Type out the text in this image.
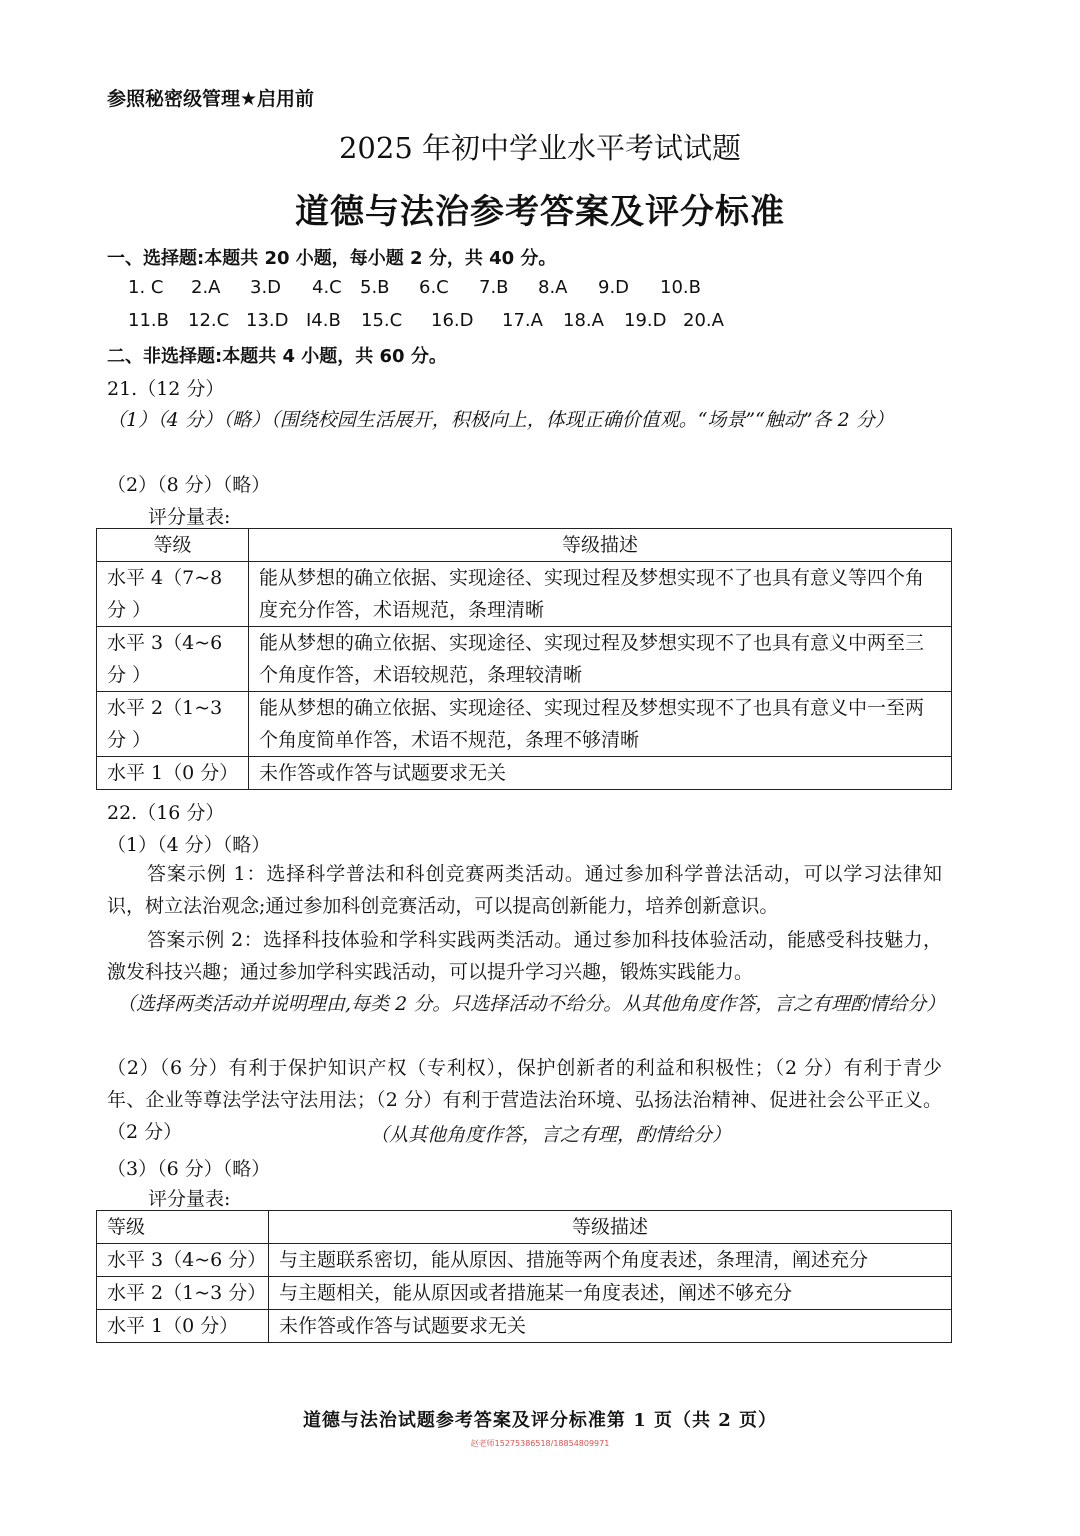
参照秘密级管理★启用前
2025 年初中学业水平考试试题
道德与法治参考答案及评分标准
一、选择题:本题共 20 小题，每小题 2 分，共 40 分。
1. C 2.A 3.D 4.C 5.B 6.C 7.B 8.A 9.D 10.B
11.B 12.C 13.D I4.B 15.C 16.D 17.A 18.A 19.D 20.A
二、非选择题:本题共 4 小题，共 60 分。
21.（12 分）
（1）（4 分）（略）（围绕校园生活展开，积极向上，体现正确价值观。“场景”“触动”各 2 分）
（2）（8 分）（略）
评分量表:
等级	等级描述
水平 4（7~8 分 ）	能从梦想的确立依据、实现途径、实现过程及梦想实现不了也具有意义等四个角度充分作答，术语规范，条理清晰
水平 3（4~6 分 ）	能从梦想的确立依据、实现途径、实现过程及梦想实现不了也具有意义中两至三个角度作答，术语较规范，条理较清晰
水平 2（1~3 分 ）	能从梦想的确立依据、实现途径、实现过程及梦想实现不了也具有意义中一至两个角度简单作答，术语不规范，条理不够清晰
水平 1（0 分）	未作答或作答与试题要求无关
22.（16 分）
（1）（4 分）（略）
答案示例 1：选择科学普法和科创竞赛两类活动。通过参加科学普法活动，可以学习法律知识，树立法治观念;通过参加科创竞赛活动，可以提高创新能力，培养创新意识。
答案示例 2：选择科技体验和学科实践两类活动。通过参加科技体验活动，能感受科技魅力，激发科技兴趣；通过参加学科实践活动，可以提升学习兴趣，锻炼实践能力。
（选择两类活动并说明理由,每类 2 分。只选择活动不给分。从其他角度作答，言之有理酌情给分）
（2）（6 分）有利于保护知识产权（专利权），保护创新者的利益和积极性；（2 分）有利于青少年、企业等尊法学法守法用法；（2 分）有利于营造法治环境、弘扬法治精神、促进社会公平正义。（2 分）	（从其他角度作答，言之有理，酌情给分）
（3）（6 分）（略）
评分量表:
等级	等级描述
水平 3（4~6 分）	与主题联系密切，能从原因、措施等两个角度表述，条理清，阐述充分
水平 2（1~3 分）	与主题相关，能从原因或者措施某一角度表述，阐述不够充分
水平 1（0 分）	未作答或作答与试题要求无关
道德与法治试题参考答案及评分标准第 1 页（共 2 页）
赵老师15275386518/18854809971
